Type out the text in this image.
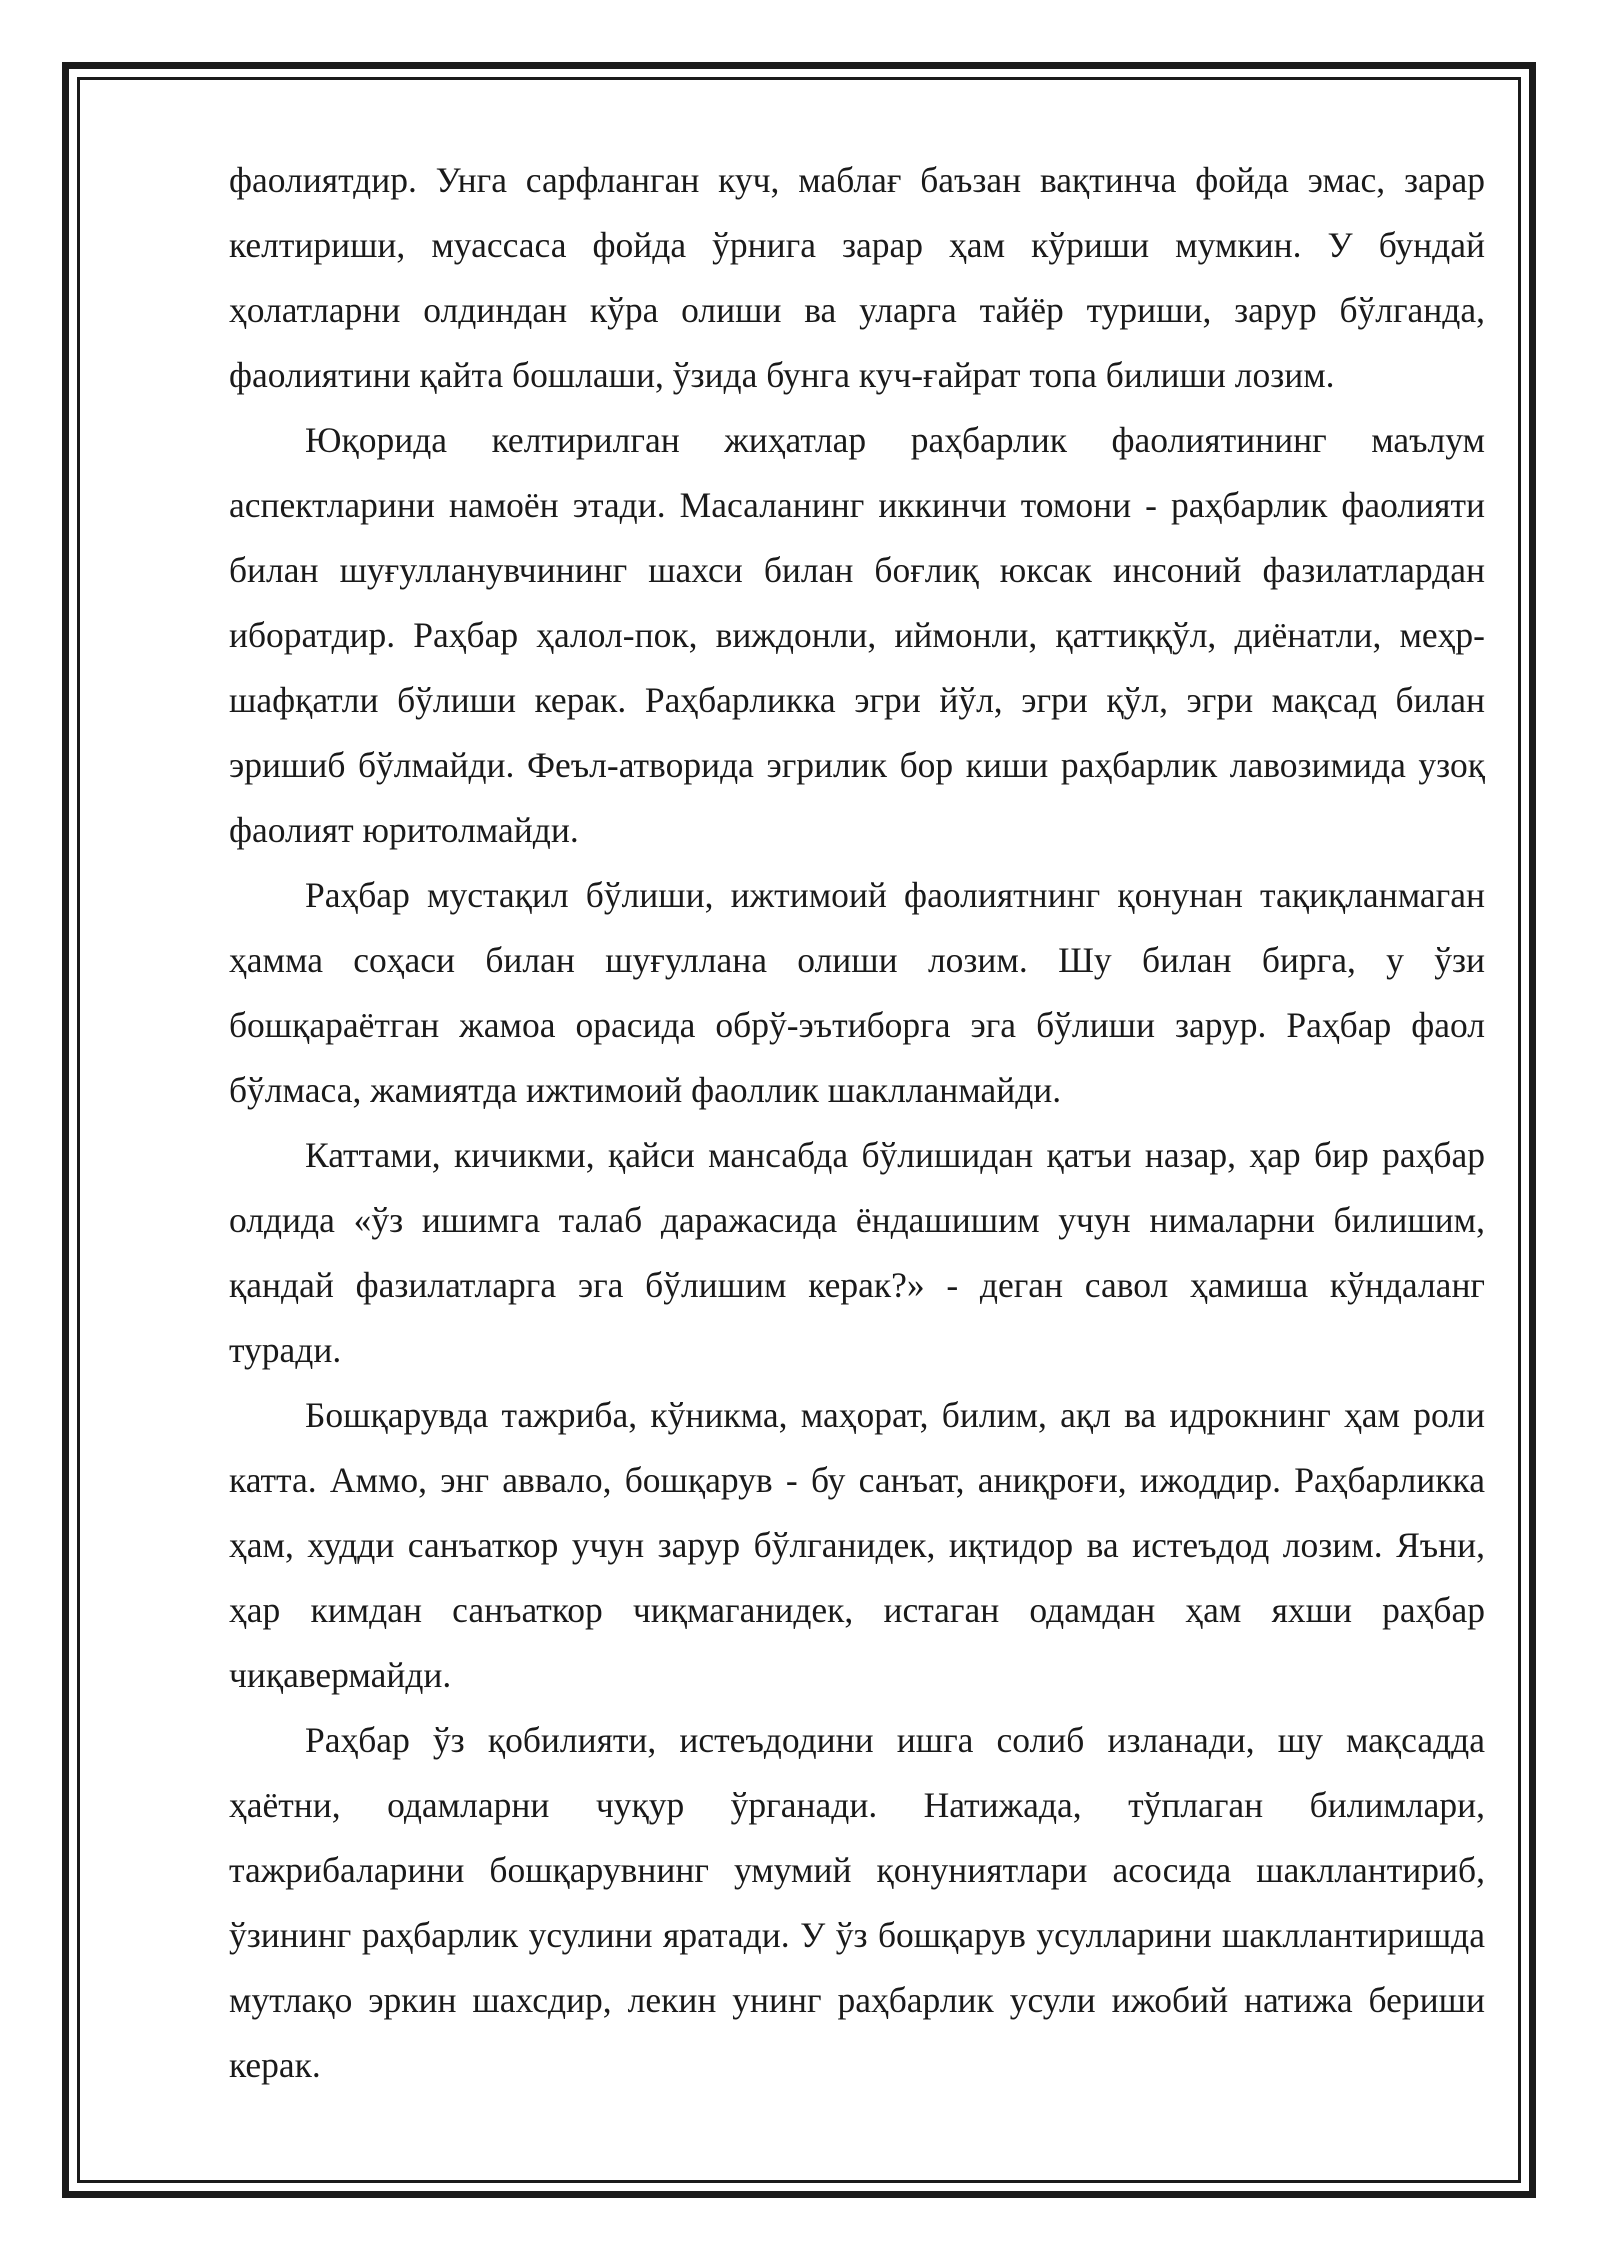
фаолиятдир. Унга сарфланган куч, маблағ баъзан вақтинча фойда эмас, зарар келтириши, муассаса фойда ўрнига зарар ҳам кўриши мумкин. У бундай ҳолатларни олдиндан кўра олиши ва уларга тайёр туриши, зарур бўлганда, фаолиятини қайта бошлаши, ўзида бунга куч-ғайрат топа билиши лозим.

Юқорида келтирилган жиҳатлар раҳбарлик фаолиятининг маълум аспектларини намоён этади. Масаланинг иккинчи томони - раҳбарлик фаолияти билан шуғулланувчининг шахси билан боғлиқ юксак инсоний фазилатлардан иборатдир. Раҳбар ҳалол-пок, виждонли, иймонли, қаттиққўл, диёнатли, меҳр-шафқатли бўлиши керак. Раҳбарликка эгри йўл, эгри қўл, эгри мақсад билан эришиб бўлмайди. Феъл-атворида эгрилик бор киши раҳбарлик лавозимида узоқ фаолият юритолмайди.

Раҳбар мустақил бўлиши, ижтимоий фаолиятнинг қонунан тақиқланмаган ҳамма соҳаси билан шуғуллана олиши лозим. Шу билан бирга, у ўзи бошқараётган жамоа орасида обрў-эътиборга эга бўлиши зарур. Раҳбар фаол бўлмаса, жамиятда ижтимоий фаоллик шаклланмайди.

Каттами, кичикми, қайси мансабда бўлишидан қатъи назар, ҳар бир раҳбар олдида «ўз ишимга талаб даражасида ёндашишим учун нималарни билишим, қандай фазилатларга эга бўлишим керак?» - деган савол ҳамиша кўндаланг туради.

Бошқарувда тажриба, кўникма, маҳорат, билим, ақл ва идрокнинг ҳам роли катта. Аммо, энг аввало, бошқарув - бу санъат, аниқроғи, ижоддир. Раҳбарликка ҳам, худди санъаткор учун зарур бўлганидек, иқтидор ва истеъдод лозим. Яъни, ҳар кимдан санъаткор чиқмаганидек, истаган одамдан ҳам яхши раҳбар чиқавермайди.

Раҳбар ўз қобилияти, истеъдодини ишга солиб изланади, шу мақсадда ҳаётни, одамларни чуқур ўрганади. Натижада, тўплаган билимлари, тажрибаларини бошқарувнинг умумий қонуниятлари асосида шакллантириб, ўзининг раҳбарлик усулини яратади. У ўз бошқарув усулларини шакллантиришда мутлақо эркин шахсдир, лекин унинг раҳбарлик усули ижобий натижа бериши керак.
